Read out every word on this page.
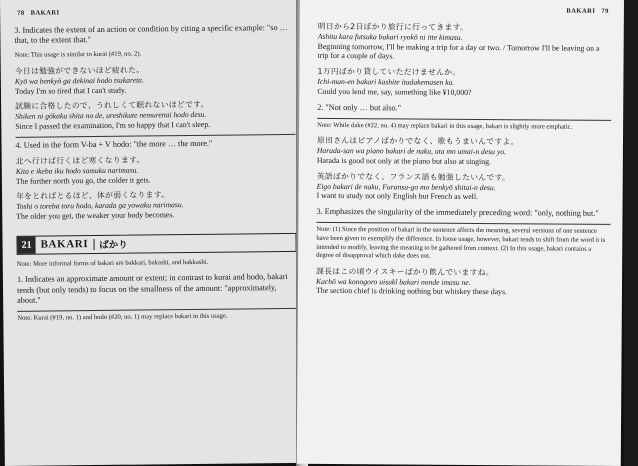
78 BAKARI

3. Indicates the extent of an action or condition by citing a specific example: "so … that, to the extent that."

Note: This usage is similar to kurai (#19, no. 2).

今日は勉強ができないほど疲れた。

Kyō wa benkyō ga dekinai hodo tsukareta.

Today I'm so tired that I can't study.

試験に合格したので、うれしくて眠れないほどです。

Shiken ni gōkaku shita no de, ureshikute nemurenai hodo desu.

Since I passed the examination, I'm so happy that I can't sleep.

4. Used in the form V-ba + V hodo: "the more … the more."

北へ行けば行くほど寒くなります。

Kita e ikeba iku hodo samuku narimasu.

The further north you go, the colder it gets.

年をとればとるほど、体が弱くなります。

Toshi o toreba toru hodo, karada ga yowaku narimasu.

The older you get, the weaker your body becomes.

21 BAKARI	ばかり

Note: More informal forms of bakari are bakkari, bakashi, and bakkashi.

1. Indicates an approximate amount or extent; in contrast to kurai and hodo, bakari tends (but only tends) to focus on the smallness of the amount: "approximately, about."

Note: Kurai (#19, no. 1) and hodo (#20, no. 1) may replace bakari in this usage.

BAKARI 79

明日から2日ばかり旅行に行ってきます。

Ashita kara futsuka bakari ryokō ni itte kimasu.

Beginning tomorrow, I'll be making a trip for a day or two. / Tomorrow I'll be leaving on a trip for a couple of days.

1万円ばかり貸していただけませんか。

Ichi-man-en bakari kashite itadakemasen ka.

Could you lend me, say, something like ¥10,000?

2. "Not only … but also."

Note: While dake (#22, no. 4) may replace bakari in this usage, bakari is slightly more emphatic.

原田さんはピアノばかりでなく、歌もうまいんですよ。

Harada-san wa piano bakari de naku, uta mo umai-n desu yo.

Harada is good not only at the piano but also at singing.

英語ばかりでなく、フランス語も勉強したいんです。

Eigo bakari de naku, Furansu-go mo benkyō shitai-n desu.

I want to study not only English but French as well.

3. Emphasizes the singularity of the immediately preceding word: "only, nothing but."

Note: (1) Since the position of bakari in the sentence affects the meaning, several versions of one sentence have been given to exemplify the difference. In loose usage, however, bakari tends to shift from the word it is intended to modify, leaving the meaning to be gathered from context. (2) In this usage, bakari contains a degree of disapproval which dake does not.

課長はこの頃ウイスキーばかり飲んでいますね。

Kachō wa konogoro uisukī bakari nonde imasu ne.

The section chief is drinking nothing but whiskey these days.
